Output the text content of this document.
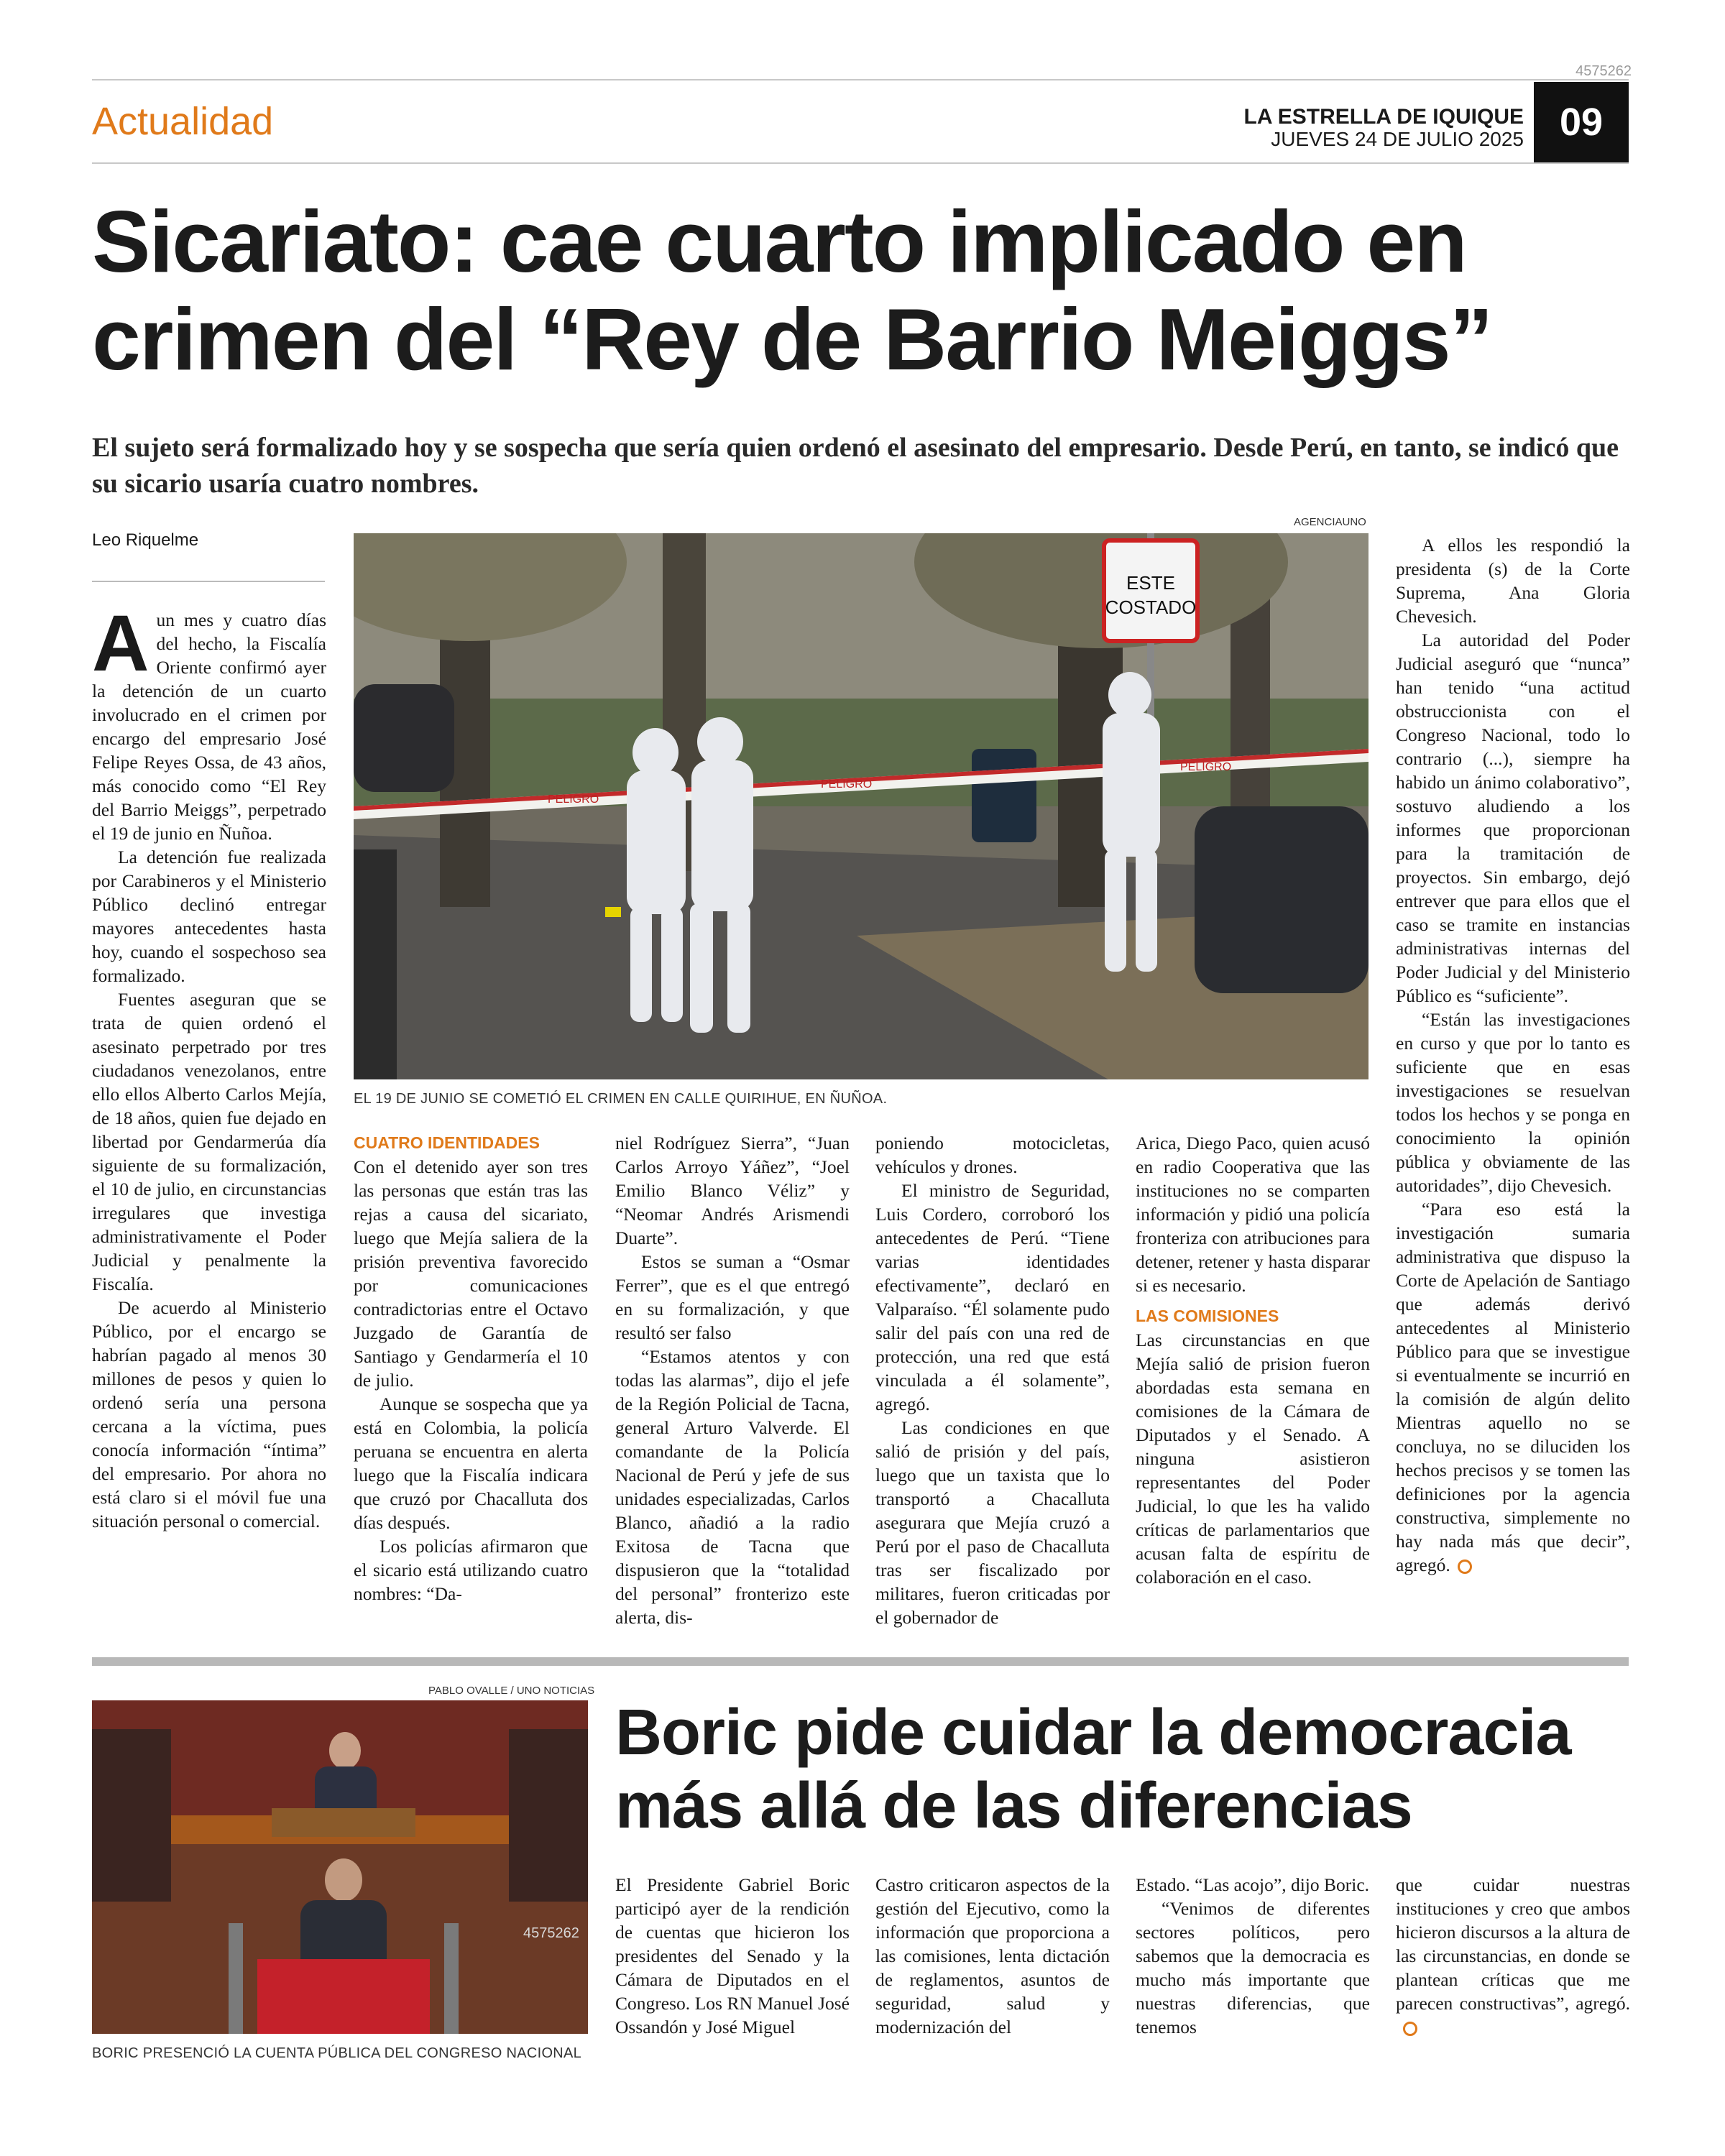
4575262
Actualidad	LA ESTRELLA DE IQUIQUE
JUEVES 24 DE JULIO 2025 09
Sicariato: cae cuarto implicado en
crimen del “Rey de Barrio Meiggs”
El sujeto será formalizado hoy y se sospecha que sería quien ordenó el asesinato del empresario. Desde Perú, en tanto, se indicó que su sicario usaría cuatro nombres.
Leo Riquelme
AGENCIAUNO
ESTE
COSTADO
PELIGRO
PELIGRO
PELIGRO
EL 19 DE JUNIO SE COMETIÓ EL CRIMEN EN CALLE QUIRIHUE, EN ÑUÑOA.

Aun mes y cuatro días del hecho, la Fiscalía Oriente confirmó ayer la detención de un cuarto involucrado en el crimen por encargo del empresario José Felipe Reyes Ossa, de 43 años, más conocido como “El Rey del Barrio Meiggs”, perpetrado el 19 de junio en Ñuñoa.

La detención fue realizada por Carabineros y el Ministerio Público declinó entregar mayores antecedentes hasta hoy, cuando el sospechoso sea formalizado.

Fuentes aseguran que se trata de quien ordenó el asesinato perpetrado por tres ciudadanos venezolanos, entre ello ellos Alberto Carlos Mejía, de 18 años, quien fue dejado en libertad por Gendarmerúa día siguiente de su formalización, el 10 de julio, en circunstancias irregulares que investiga administrativamente el Poder Judicial y penalmente la Fiscalía.

De acuerdo al Ministerio Público, por el encargo se habrían pagado al menos 30 millones de pesos y quien lo ordenó sería una persona cercana a la víctima, pues conocía información “íntima” del empresario. Por ahora no está claro si el móvil fue una situación personal o comercial.

CUATRO IDENTIDADES

Con el detenido ayer son tres las personas que están tras las rejas a causa del sicariato, luego que Mejía saliera de la prisión preventiva favorecido por comunicaciones contradictorias entre el Octavo Juzgado de Garantía de Santiago y Gendarmería el 10 de julio.

Aunque se sospecha que ya está en Colombia, la policía peruana se encuentra en alerta luego que la Fiscalía indicara que cruzó por Chacalluta dos días después.

Los policías afirmaron que el sicario está utilizando cuatro nombres: “Da-

niel Rodríguez Sierra”, “Juan Carlos Arroyo Yáñez”, “Joel Emilio Blanco Véliz” y “Neomar Andrés Arismendi Duarte”.

Estos se suman a “Osmar Ferrer”, que es el que entregó en su formalización, y que resultó ser falso

“Estamos atentos y con todas las alarmas”, dijo el jefe de la Región Policial de Tacna, general Arturo Valverde. El comandante de la Policía Nacional de Perú y jefe de sus unidades especializadas, Carlos Blanco, añadió a la radio Exitosa de Tacna que dispusieron que la “totalidad del personal” fronterizo este alerta, dis-

poniendo motocicletas, vehículos y drones.

El ministro de Seguridad, Luis Cordero, corroboró los antecedentes de Perú. “Tiene varias identidades efectivamente”, declaró en Valparaíso. “Él solamente pudo salir del país con una red de protección, una red que está vinculada a él solamente”, agregó.

Las condiciones en que salió de prisión y del país, luego que un taxista que lo transportó a Chacalluta asegurara que Mejía cruzó a Perú por el paso de Chacalluta tras ser fiscalizado por militares, fueron criticadas por el gobernador de

Arica, Diego Paco, quien acusó en radio Cooperativa que las instituciones no se comparten información y pidió una policía fronteriza con atribuciones para detener, retener y hasta disparar si es necesario.

LAS COMISIONES

Las circunstancias en que Mejía salió de prision fueron abordadas esta semana en comisiones de la Cámara de Diputados y el Senado. A ninguna asistieron representantes del Poder Judicial, lo que les ha valido críticas de parlamentarios que acusan falta de espíritu de colaboración en el caso.

A ellos les respondió la presidenta (s) de la Corte Suprema, Ana Gloria Chevesich.

La autoridad del Poder Judicial aseguró que “nunca” han tenido “una actitud obstruccionista con el Congreso Nacional, todo lo contrario (...), siempre ha habido un ánimo colaborativo”, sostuvo aludiendo a los informes que proporcionan para la tramitación de proyectos. Sin embargo, dejó entrever que para ellos que el caso se tramite en instancias administrativas internas del Poder Judicial y del Ministerio Público es “suficiente”.

“Están las investigaciones en curso y que por lo tanto es suficiente que en esas investigaciones se resuelvan todos los hechos y se ponga en conocimiento la opinión pública y obviamente de las autoridades”, dijo Chevesich.

“Para eso está la investigación sumaria administrativa que dispuso la Corte de Apelación de Santiago que además derivó antecedentes al Ministerio Público para que se investigue si eventualmente se incurrió en la comisión de algún delito Mientras aquello no se concluya, no se diluciden los hechos precisos y se tomen las definiciones por la agencia constructiva, simplemente no hay nada más que decir”, agregó.

PABLO OVALLE / UNO NOTICIAS
4575262
BORIC PRESENCIÓ LA CUENTA PÚBLICA DEL CONGRESO NACIONAL
Boric pide cuidar la democracia
más allá de las diferencias

El Presidente Gabriel Boric participó ayer de la rendición de cuentas que hicieron los presidentes del Senado y la Cámara de Diputados en el Congreso. Los RN Manuel José Ossandón y José Miguel

Castro criticaron aspectos de la gestión del Ejecutivo, como la información que proporciona a las comisiones, lenta dictación de reglamentos, asuntos de seguridad, salud y modernización del

Estado. “Las acojo”, dijo Boric.

“Venimos de diferentes sectores políticos, pero sabemos que la democracia es mucho más importante que nuestras diferencias, que tenemos

que cuidar nuestras instituciones y creo que ambos hicieron discursos a la altura de las circunstancias, en donde se plantean críticas que me parecen constructivas”, agregó.
